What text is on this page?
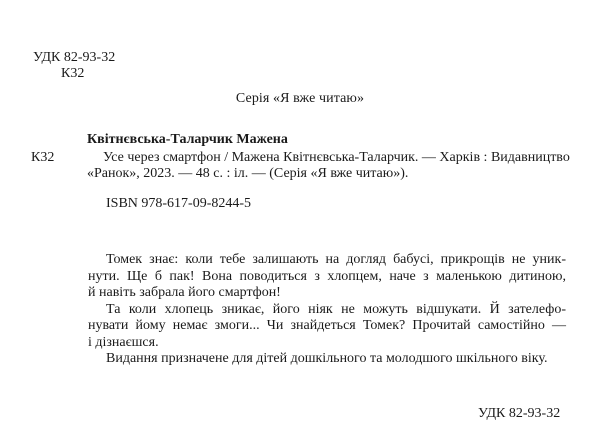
УДК 82-93-32
К32
Серія «Я вже читаю»
Квітнєвська-Таларчик Мажена
К32	Усе через смартфон / Мажена Квітнєвська-Таларчик. — Харків : Видавництво
«Ранок», 2023. — 48 с. : іл. — (Серія «Я вже читаю»).
ISBN 978-617-09-8244-5

Томек знає: коли тебе залишають на догляд бабусі, прикрощів не уник-
нути. Ще б пак! Вона поводиться з хлопцем, наче з маленькою дитиною,
й навіть забрала його смартфон!

Та коли хлопець зникає, його ніяк не можуть відшукати. Й зателефо-
нувати йому немає змоги... Чи знайдеться Томек? Прочитай самостійно —
і дізнаєшся.

Видання призначене для дітей дошкільного та молодшого шкільного віку.

УДК 82-93-32
